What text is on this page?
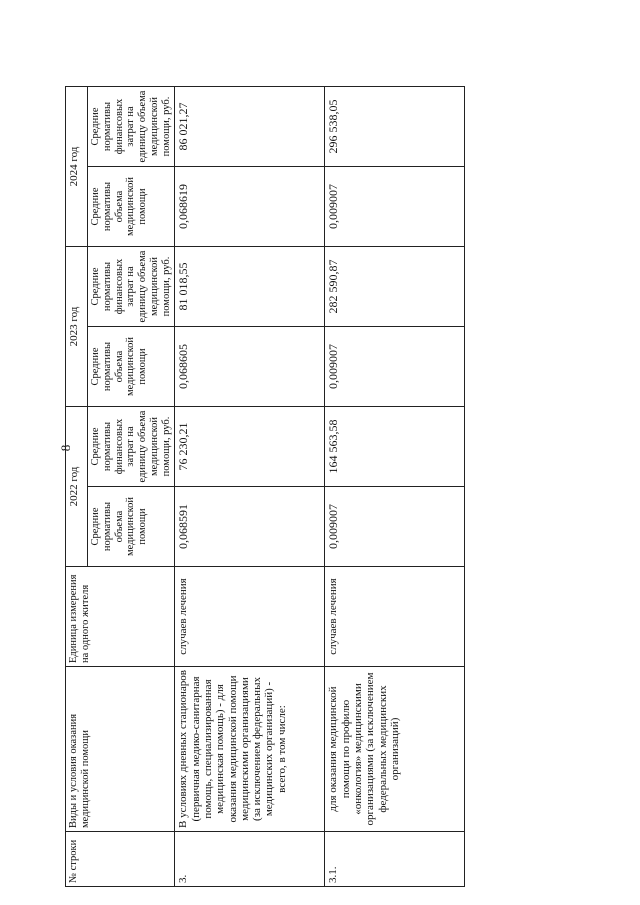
8
№ строки	Виды и условия оказания медицинской помощи	Единица измерения на одного жителя	2022 год		2023 год		2024 год	
			Средние нормативы объема медицинской помощи	Средние нормативы финансовых затрат на единицу объема медицинской помощи, руб.	Средние нормативы объема медицинской помощи	Средние нормативы финансовых затрат на единицу объема медицинской помощи, руб.	Средние нормативы объема медицинской помощи	Средние нормативы финансовых затрат на единицу объема медицинской помощи, руб.
3.	В условиях дневных стационаров (первичная медико-санитарная помощь, специализированная медицинская помощь) - для оказания медицинской помощи медицинскими организациями (за исключением федеральных медицинских организаций) - всего, в том числе:	случаев лечения	0,068591	76 230,21	0,068605	81 018,55	0,068619	86 021,27
3.1.	для оказания медицинской помощи по профилю «онкология» медицинскими организациями (за исключением федеральных медицинских организаций)	случаев лечения	0,009007	164 563,58	0,009007	282 590,87	0,009007	296 538,05
